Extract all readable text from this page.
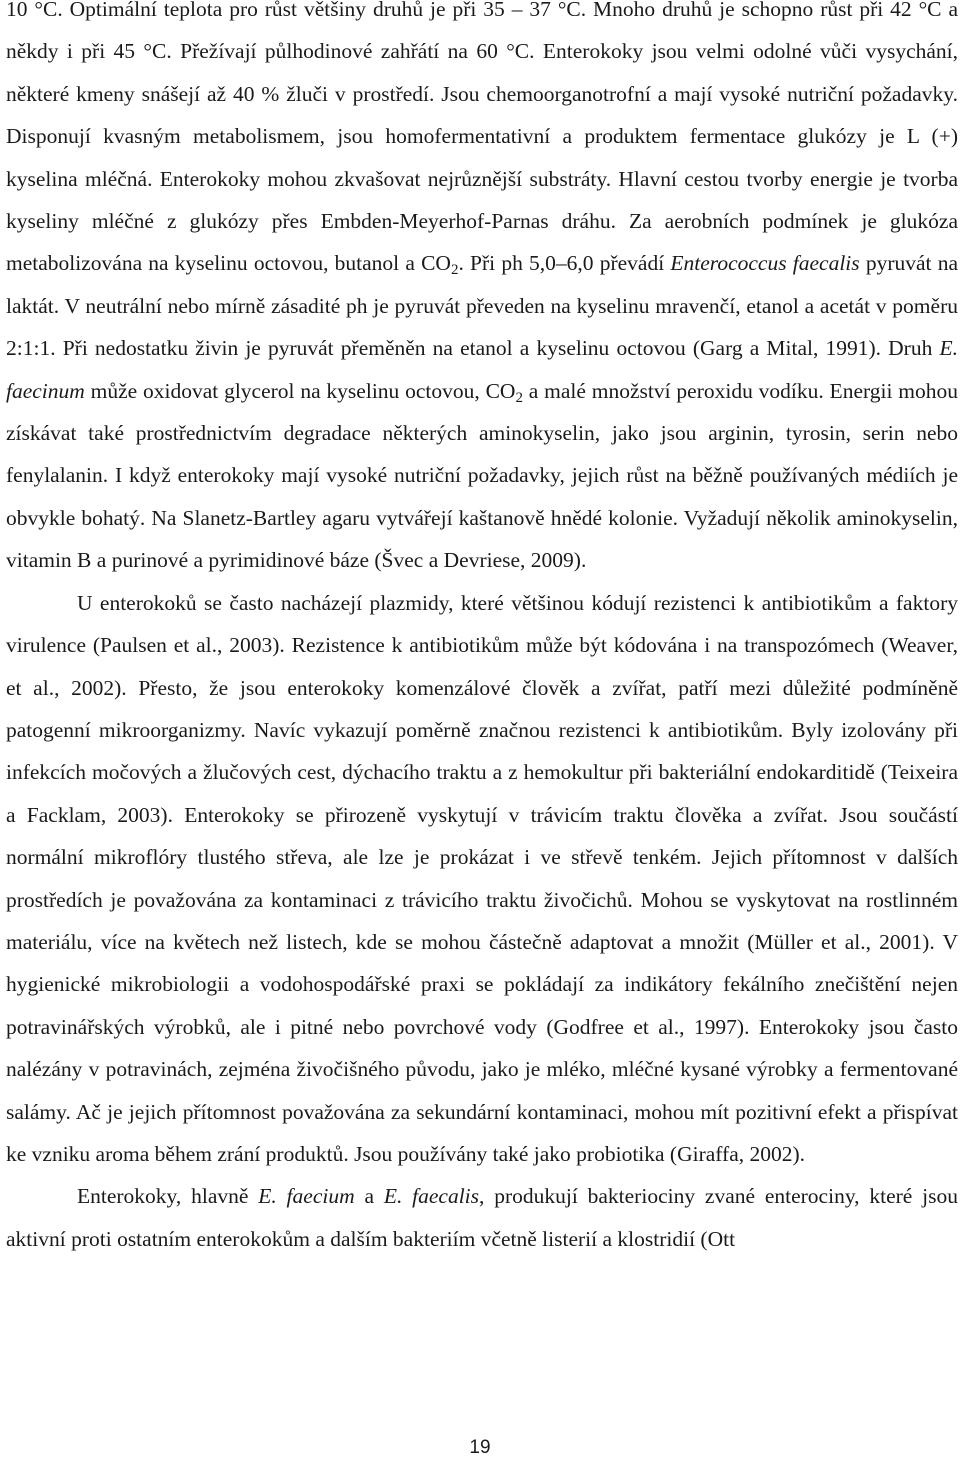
10 °C. Optimální teplota pro růst většiny druhů je při 35 – 37 °C. Mnoho druhů je schopno růst při 42 °C a někdy i při 45 °C. Přežívají půlhodinové zahřátí na 60 °C. Enterokoky jsou velmi odolné vůči vysychání, některé kmeny snášejí až 40 % žluči v prostředí. Jsou chemoorganotrofní a mají vysoké nutriční požadavky. Disponují kvasným metabolismem, jsou homofermentativní a produktem fermentace glukózy je L (+) kyselina mléčná. Enterokoky mohou zkvašovat nejrůznější substráty. Hlavní cestou tvorby energie je tvorba kyseliny mléčné z glukózy přes Embden-Meyerhof-Parnas dráhu. Za aerobních podmínek je glukóza metabolizována na kyselinu octovou, butanol a $CO_2$. Při ph 5,0–6,0 převádí Enterococcus faecalis pyruvát na laktát. V neutrální nebo mírně zásadité ph je pyruvát převeden na kyselinu mravenčí, etanol a acetát v poměru 2:1:1. Při nedostatku živin je pyruvát přeměněn na etanol a kyselinu octovou (Garg a Mital, 1991). Druh E. faecinum může oxidovat glycerol na kyselinu octovou, $CO_2$ a malé množství peroxidu vodíku. Energii mohou získávat také prostřednictvím degradace některých aminokyselin, jako jsou arginin, tyrosin, serin nebo fenylalanin. I když enterokoky mají vysoké nutriční požadavky, jejich růst na běžně používaných médiích je obvykle bohatý. Na Slanetz-Bartley agaru vytvářejí kaštanově hnědé kolonie. Vyžadují několik aminokyselin, vitamin B a purinové a pyrimidinové báze (Švec a Devriese, 2009).

U enterokoků se často nacházejí plazmidy, které většinou kódují rezistenci k antibiotikům a faktory virulence (Paulsen et al., 2003). Rezistence k antibiotikům může být kódována i na transpozómech (Weaver, et al., 2002). Přesto, že jsou enterokoky komenzálové člověk a zvířat, patří mezi důležité podmíněně patogenní mikroorganizmy. Navíc vykazují poměrně značnou rezistenci k antibiotikům. Byly izolovány při infekcích močových a žlučových cest, dýchacího traktu a z hemokultur při bakteriální endokarditidě (Teixeira a Facklam, 2003). Enterokoky se přirozeně vyskytují v trávicím traktu člověka a zvířat. Jsou součástí normální mikroflóry tlustého střeva, ale lze je prokázat i ve střevě tenkém. Jejich přítomnost v dalších prostředích je považována za kontaminaci z trávicího traktu živočichů. Mohou se vyskytovat na rostlinném materiálu, více na květech než listech, kde se mohou částečně adaptovat a množit (Müller et al., 2001). V hygienické mikrobiologii a vodohospodářské praxi se pokládají za indikátory fekálního znečištění nejen potravinářských výrobků, ale i pitné nebo povrchové vody (Godfree et al., 1997). Enterokoky jsou často nalézány v potravinách, zejména živočišného původu, jako je mléko, mléčné kysané výrobky a fermentované salámy. Ač je jejich přítomnost považována za sekundární kontaminaci, mohou mít pozitivní efekt a přispívat ke vzniku aroma během zrání produktů. Jsou používány také jako probiotika (Giraffa, 2002).

Enterokoky, hlavně E. faecium a E. faecalis, produkují bakteriociny zvané enterociny, které jsou aktivní proti ostatním enterokokům a dalším bakteriím včetně listerií a klostridií (Ott

19
